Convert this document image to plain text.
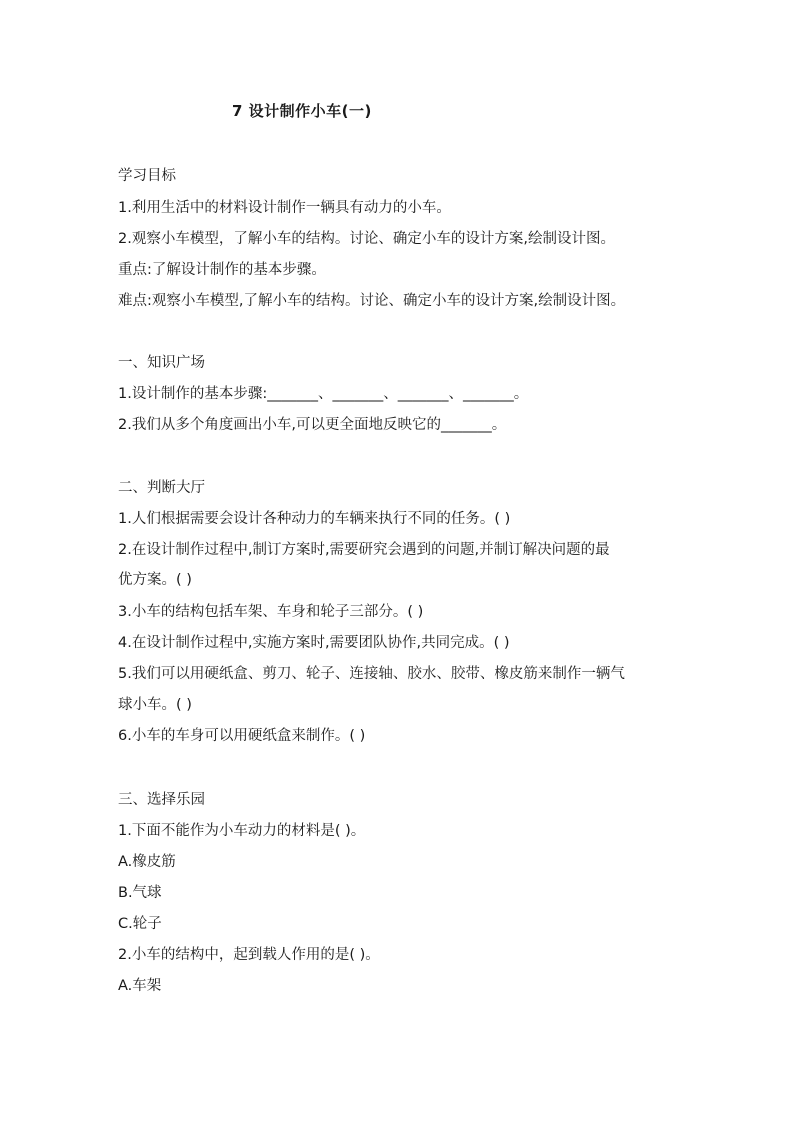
7 设计制作小车(一)
学习目标
1.利用生活中的材料设计制作一辆具有动力的小车。
2.观察小车模型，了解小车的结构。讨论、确定小车的设计方案,绘制设计图。
重点:了解设计制作的基本步骤。
难点:观察小车模型,了解小车的结构。讨论、确定小车的设计方案,绘制设计图。
一、知识广场
1.设计制作的基本步骤:_______、_______、_______、_______。
2.我们从多个角度画出小车,可以更全面地反映它的_______。
二、判断大厅
1.人们根据需要会设计各种动力的车辆来执行不同的任务。( )
2.在设计制作过程中,制订方案时,需要研究会遇到的问题,并制订解决问题的最
优方案。( )
3.小车的结构包括车架、车身和轮子三部分。( )
4.在设计制作过程中,实施方案时,需要团队协作,共同完成。( )
5.我们可以用硬纸盒、剪刀、轮子、连接轴、胶水、胶带、橡皮筋来制作一辆气
球小车。( )
6.小车的车身可以用硬纸盒来制作。( )
三、选择乐园
1.下面不能作为小车动力的材料是( )。
A.橡皮筋
B.气球
C.轮子
2.小车的结构中，起到载人作用的是( )。
A.车架
